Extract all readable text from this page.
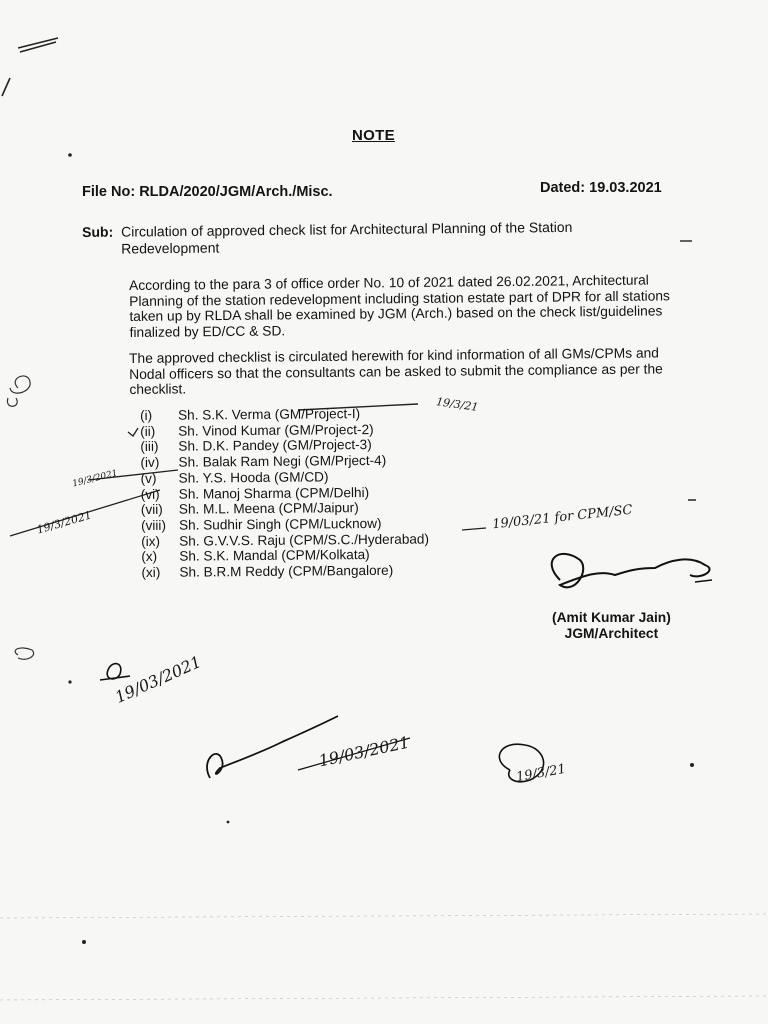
NOTE
File No: RLDA/2020/JGM/Arch./Misc.	Dated: 19.03.2021
Sub: Circulation of approved check list for Architectural Planning of the Station Redevelopment
According to the para 3 of office order No. 10 of 2021 dated 26.02.2021, Architectural Planning of the station redevelopment including station estate part of DPR for all stations taken up by RLDA shall be examined by JGM (Arch.) based on the check list/guidelines finalized by ED/CC & SD.
The approved checklist is circulated herewith for kind information of all GMs/CPMs and Nodal officers so that the consultants can be asked to submit the compliance as per the checklist.
(i) Sh. S.K. Verma (GM/Project-I)
(ii) Sh. Vinod Kumar (GM/Project-2)
(iii) Sh. D.K. Pandey (GM/Project-3)
(iv) Sh. Balak Ram Negi (GM/Prject-4)
(v) Sh. Y.S. Hooda (GM/CD)
(vi) Sh. Manoj Sharma (CPM/Delhi)
(vii) Sh. M.L. Meena (CPM/Jaipur)
(viii) Sh. Sudhir Singh (CPM/Lucknow)
(ix) Sh. G.V.V.S. Raju (CPM/S.C./Hyderabad)
(x) Sh. S.K. Mandal (CPM/Kolkata)
(xi) Sh. B.R.M Reddy (CPM/Bangalore)
19/3/21
19/3/2021
19/3/2021	19/03/21 for CPM/SC
(Amit Kumar Jain)
JGM/Architect
19/03/2021
19/03/2021
19/3/21
